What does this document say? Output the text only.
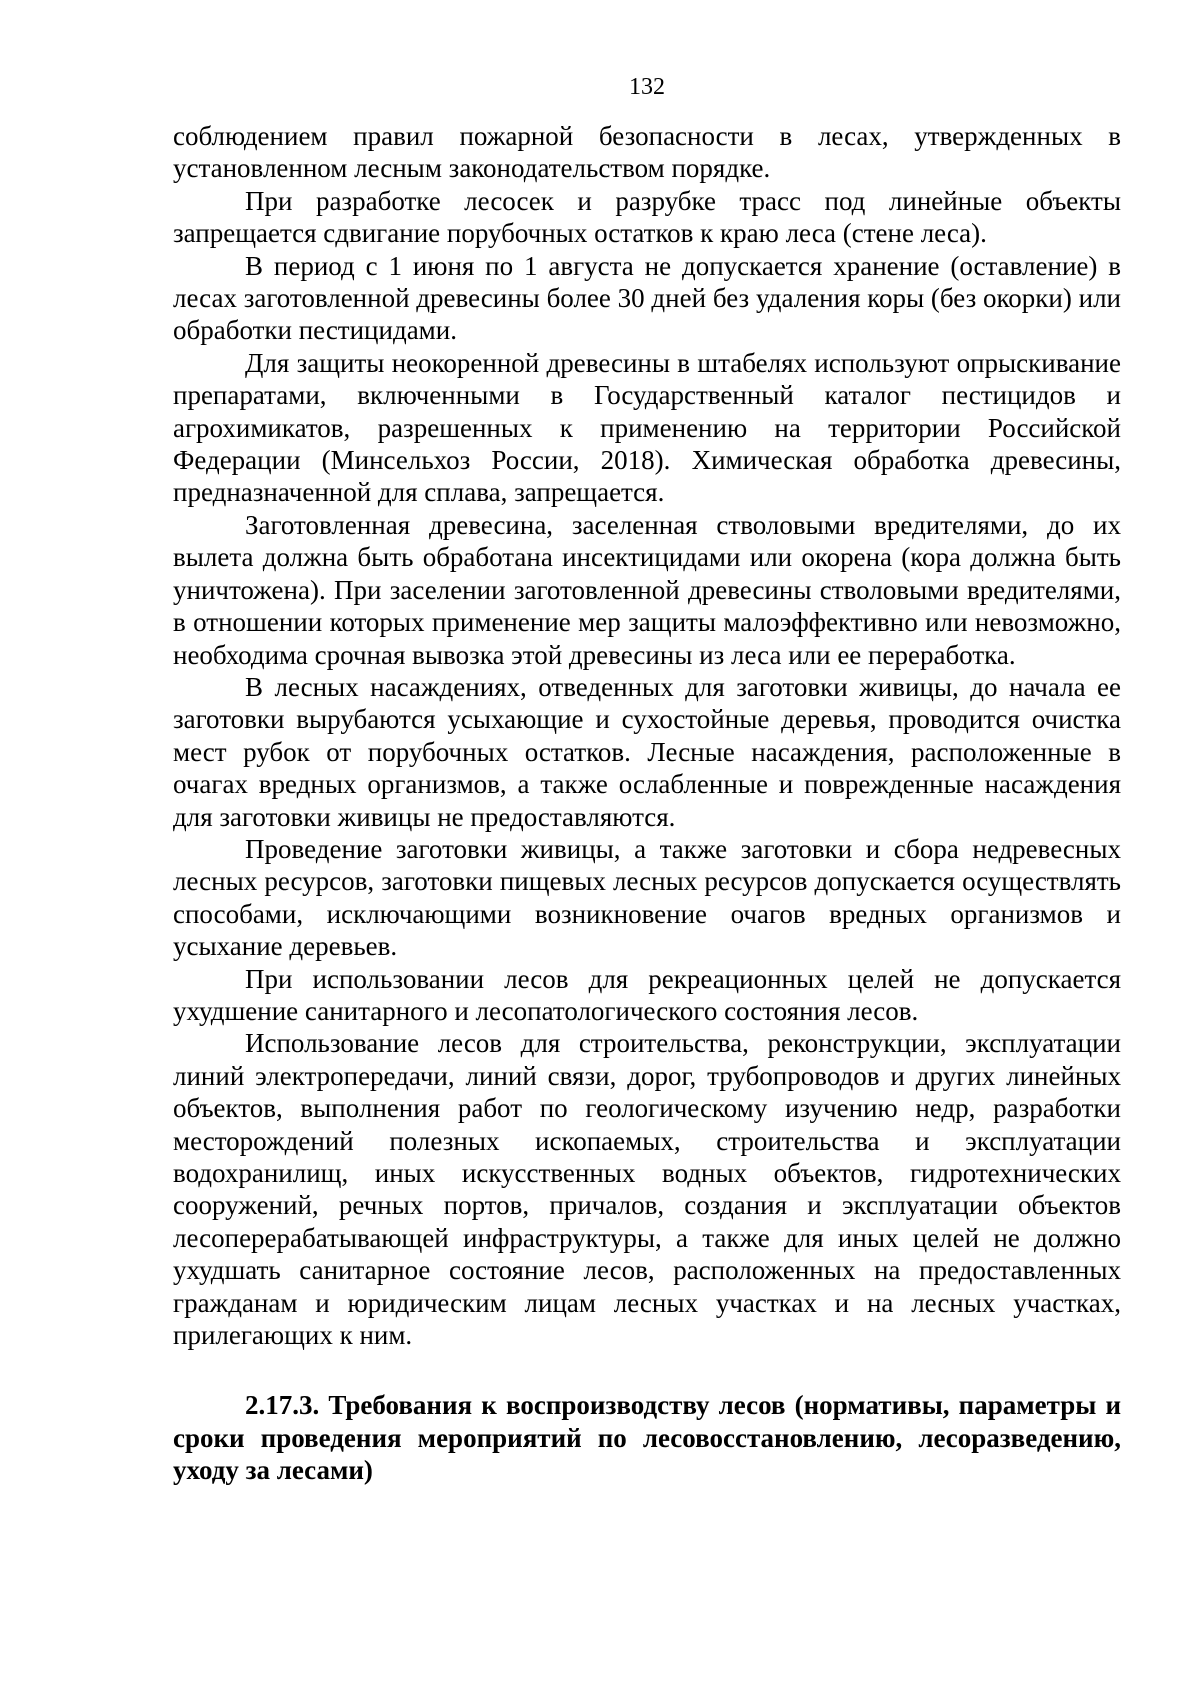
132

соблюдением правил пожарной безопасности в лесах, утвержденных в установленном лесным законодательством порядке.

При разработке лесосек и разрубке трасс под линейные объекты запрещается сдвигание порубочных остатков к краю леса (стене леса).

В период с 1 июня по 1 августа не допускается хранение (оставление) в лесах заготовленной древесины более 30 дней без удаления коры (без окорки) или обработки пестицидами.

Для защиты неокоренной древесины в штабелях используют опрыскивание препаратами, включенными в Государственный каталог пестицидов и агрохимикатов, разрешенных к применению на территории Российской Федерации (Минсельхоз России, 2018). Химическая обработка древесины, предназначенной для сплава, запрещается.

Заготовленная древесина, заселенная стволовыми вредителями, до их вылета должна быть обработана инсектицидами или окорена (кора должна быть уничтожена). При заселении заготовленной древесины стволовыми вредителями, в отношении которых применение мер защиты малоэффективно или невозможно, необходима срочная вывозка этой древесины из леса или ее переработка.

В лесных насаждениях, отведенных для заготовки живицы, до начала ее заготовки вырубаются усыхающие и сухостойные деревья, проводится очистка мест рубок от порубочных остатков. Лесные насаждения, расположенные в очагах вредных организмов, а также ослабленные и поврежденные насаждения для заготовки живицы не предоставляются.

Проведение заготовки живицы, а также заготовки и сбора недревесных лесных ресурсов, заготовки пищевых лесных ресурсов допускается осуществлять способами, исключающими возникновение очагов вредных организмов и усыхание деревьев.

При использовании лесов для рекреационных целей не допускается ухудшение санитарного и лесопатологического состояния лесов.

Использование лесов для строительства, реконструкции, эксплуатации линий электропередачи, линий связи, дорог, трубопроводов и других линейных объектов, выполнения работ по геологическому изучению недр, разработки месторождений полезных ископаемых, строительства и эксплуатации водохранилищ, иных искусственных водных объектов, гидротехнических сооружений, речных портов, причалов, создания и эксплуатации объектов лесоперерабатывающей инфраструктуры, а также для иных целей не должно ухудшать санитарное состояние лесов, расположенных на предоставленных гражданам и юридическим лицам лесных участках и на лесных участках, прилегающих к ним.

2.17.3. Требования к воспроизводству лесов (нормативы, параметры и сроки проведения мероприятий по лесовосстановлению, лесоразведению, уходу за лесами)
